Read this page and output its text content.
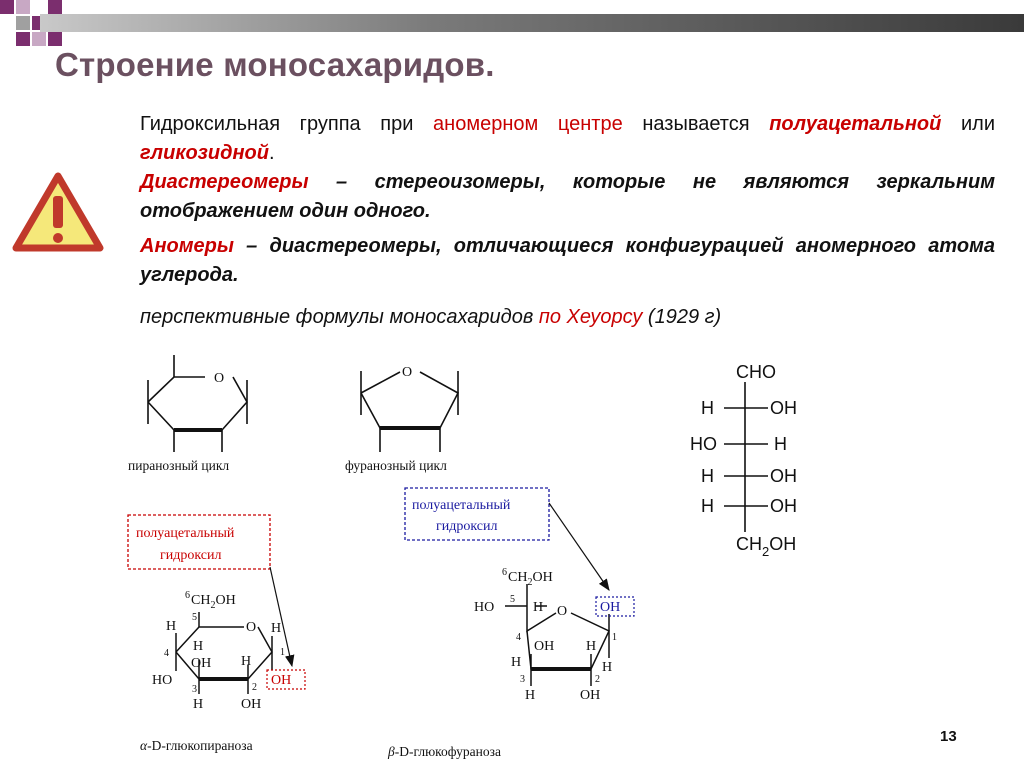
Строение моносахаридов.

Гидроксильная группа при аномерном центре называется полуацетальной или гликозидной.

Диастереомеры – стереоизомеры, которые не являются зеркальним отображением один одного.

Аномеры – диастереомеры, отличающиеся конфигурацией аномерного атома углерода.

перспективные формулы моносахаридов по Хеуорсу (1929 г)

O
пиранозный цикл
O
фуранозный цикл
CHO
H	OH
HO	H
H	OH
H	OH
$CH_2OH$
полуацетальный
гидроксил
полуацетальный
гидроксил
6 $CH_2OH$
5
O
H
H
H
4	1
OH H
HO
3	2 OH
H	OH
α-D-глюкопираноза
6 $CH_2OH$
HO
5
H O OH
1
4
OH H
H	H
3	2
H	OH
β-D-глюкофураноза

13
